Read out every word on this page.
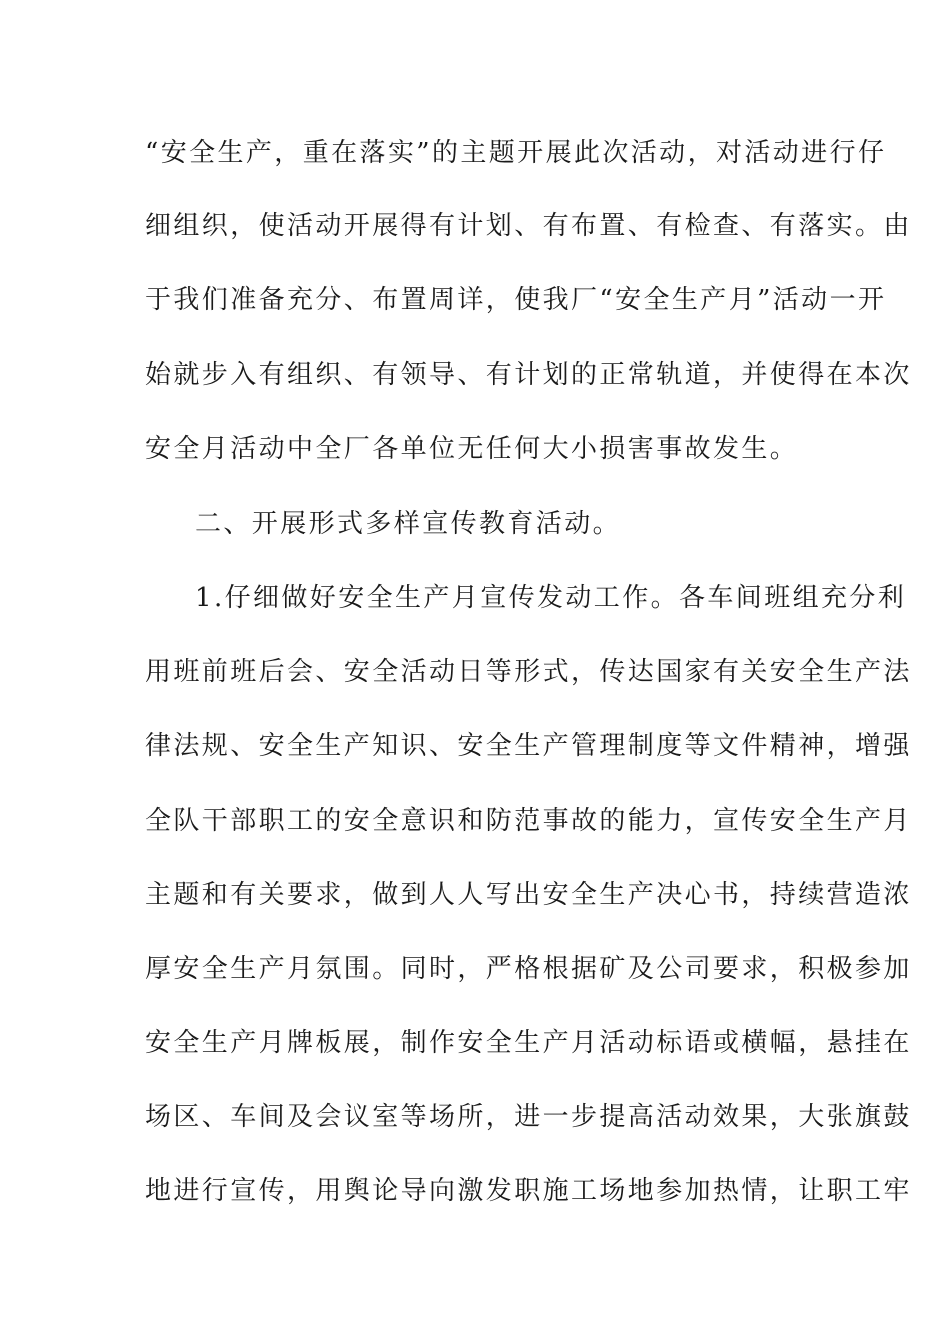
“安全生产，重在落实”的主题开展此次活动，对活动进行仔
细组织，使活动开展得有计划、有布置、有检查、有落实。由
于我们准备充分、布置周详，使我厂“安全生产月”活动一开
始就步入有组织、有领导、有计划的正常轨道，并使得在本次
安全月活动中全厂各单位无任何大小损害事故发生。
二、开展形式多样宣传教育活动。
1.仔细做好安全生产月宣传发动工作。各车间班组充分利
用班前班后会、安全活动日等形式，传达国家有关安全生产法
律法规、安全生产知识、安全生产管理制度等文件精神，增强
全队干部职工的安全意识和防范事故的能力，宣传安全生产月
主题和有关要求，做到人人写出安全生产决心书，持续营造浓
厚安全生产月氛围。同时，严格根据矿及公司要求，积极参加
安全生产月牌板展，制作安全生产月活动标语或横幅，悬挂在
场区、车间及会议室等场所，进一步提高活动效果，大张旗鼓
地进行宣传，用舆论导向激发职施工场地参加热情，让职工牢
